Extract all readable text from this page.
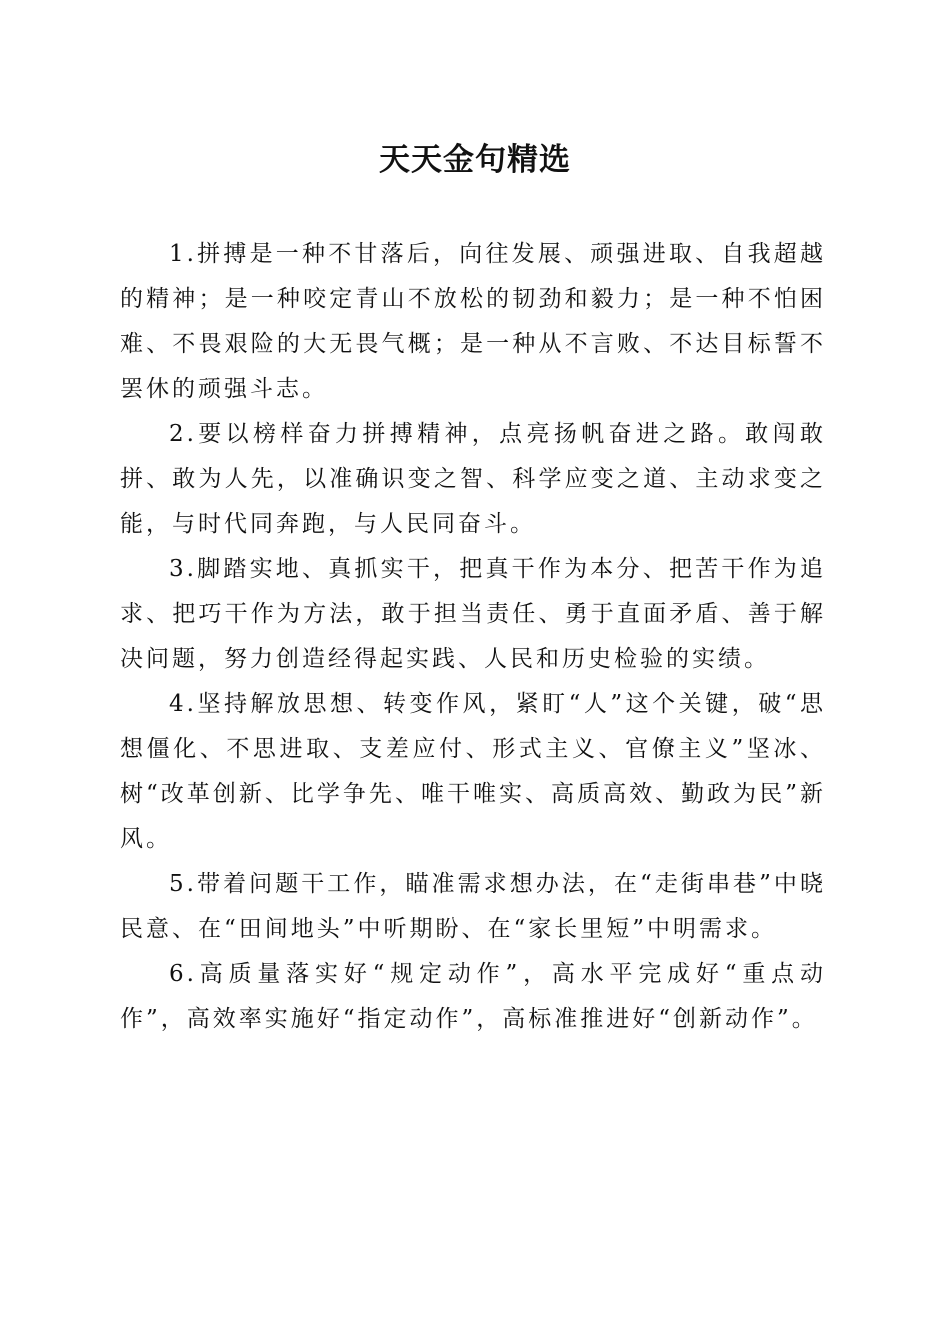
天天金句精选

1.拼搏是一种不甘落后，向往发展、顽强进取、自我超越的精神；是一种咬定青山不放松的韧劲和毅力；是一种不怕困难、不畏艰险的大无畏气概；是一种从不言败、不达目标誓不罢休的顽强斗志。

2.要以榜样奋力拼搏精神，点亮扬帆奋进之路。敢闯敢拼、敢为人先，以准确识变之智、科学应变之道、主动求变之能，与时代同奔跑，与人民同奋斗。

3.脚踏实地、真抓实干，把真干作为本分、把苦干作为追求、把巧干作为方法，敢于担当责任、勇于直面矛盾、善于解决问题，努力创造经得起实践、人民和历史检验的实绩。

4.坚持解放思想、转变作风，紧盯“人”这个关键，破“思想僵化、不思进取、支差应付、形式主义、官僚主义”坚冰、树“改革创新、比学争先、唯干唯实、高质高效、勤政为民”新风。

5.带着问题干工作，瞄准需求想办法，在“走街串巷”中晓民意、在“田间地头”中听期盼、在“家长里短”中明需求。

6.高质量落实好“规定动作”，高水平完成好“重点动作”，高效率实施好“指定动作”，高标准推进好“创新动作”。
